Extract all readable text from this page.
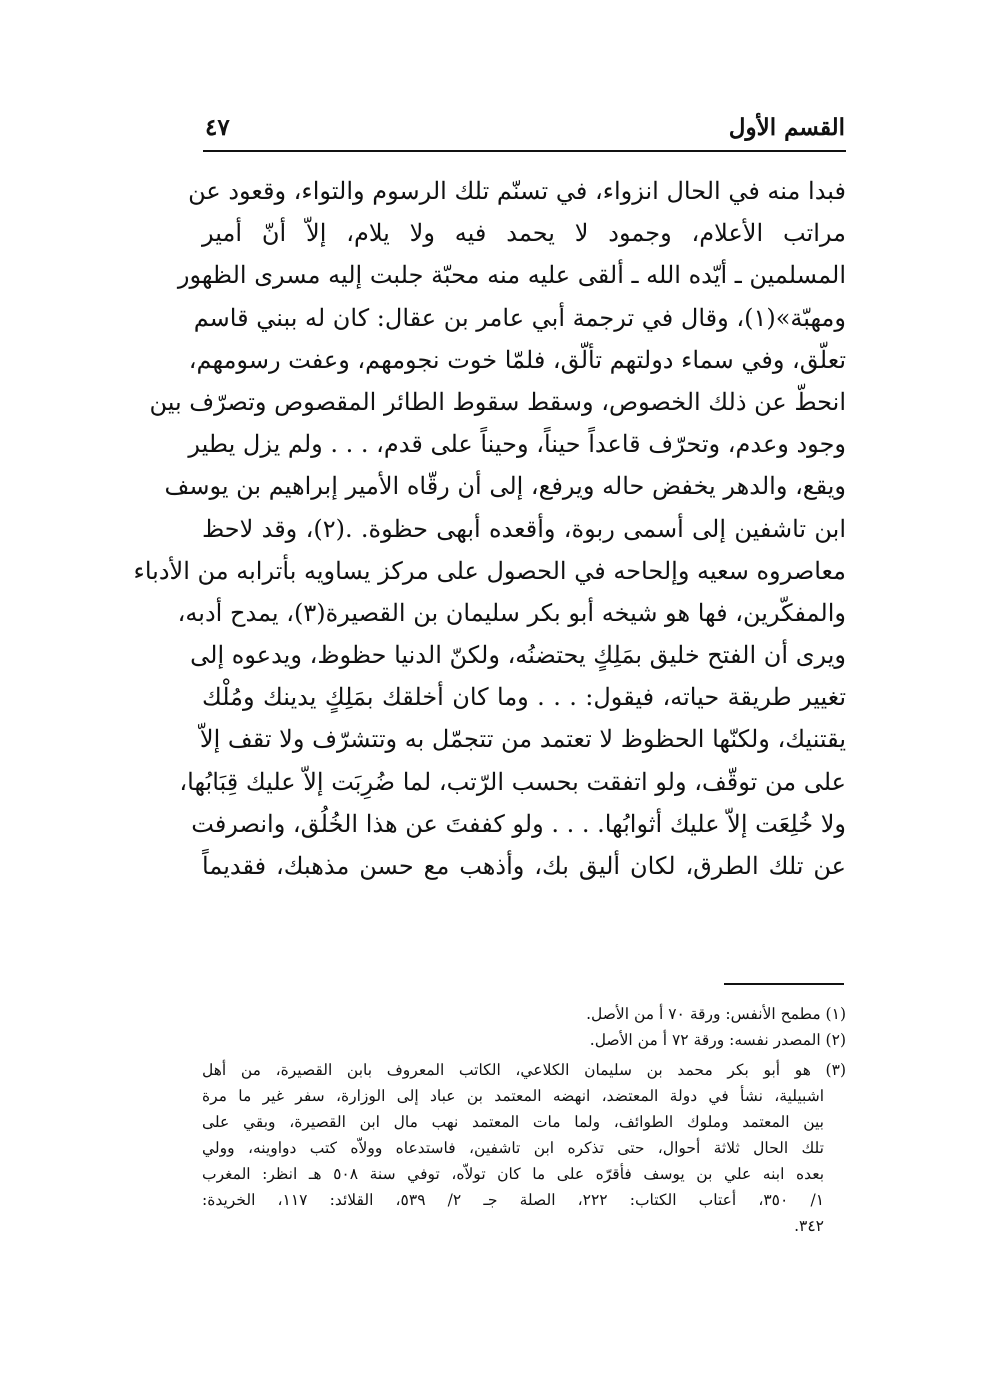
القسم الأول
٤٧
فبدا منه في الحال انزواء، في تسنّم تلك الرسوم والتواء، وقعود عن
مراتب الأعلام، وجمود لا يحمد فيه ولا يلام، إلاّ أنّ أمير
المسلمين ـ أيّده الله ـ ألقى عليه منه محبّة جلبت إليه مسرى الظهور
ومهبّة»(١)، وقال في ترجمة أبي عامر بن عقال: كان له ببني قاسم
تعلّق، وفي سماء دولتهم تألّق، فلمّا خوت نجومهم، وعفت رسومهم،
انحطّ عن ذلك الخصوص، وسقط سقوط الطائر المقصوص وتصرّف بين
وجود وعدم، وتحرّف قاعداً حيناً، وحيناً على قدم، . . . ولم يزل يطير
ويقع، والدهر يخفض حاله ويرفع، إلى أن رقّاه الأمير إبراهيم بن يوسف
ابن تاشفين إلى أسمى ربوة، وأقعده أبهى حظوة. .(٢)، وقد لاحظ
معاصروه سعيه وإلحاحه في الحصول على مركز يساويه بأترابه من الأدباء
والمفكّرين، فها هو شيخه أبو بكر سليمان بن القصيرة(٣)، يمدح أدبه،
ويرى أن الفتح خليق بمَلِكٍ يحتضنُه، ولكنّ الدنيا حظوظ، ويدعوه إلى
تغيير طريقة حياته، فيقول: . . . وما كان أخلقك بمَلِكٍ يدينك ومُلْك
يقتنيك، ولكنّها الحظوظ لا تعتمد من تتجمّل به وتتشرّف ولا تقف إلاّ
على من توقّف، ولو اتفقت بحسب الرّتب، لما ضُرِبَت إلاّ عليك قِبَابُها،
ولا خُلِعَت إلاّ عليك أثوابُها. . . . ولو كففتَ عن هذا الخُلُق، وانصرفت
عن تلك الطرق، لكان أليق بك، وأذهب مع حسن مذهبك، فقديماً
(١) مطمح الأنفس: ورقة ٧٠ أ من الأصل.
(٢) المصدر نفسه: ورقة ٧٢ أ من الأصل.
(٣) هو أبو بكر محمد بن سليمان الكلاعي، الكاتب المعروف بابن القصيرة، من أهل
اشبيلية، نشأ في دولة المعتضد، انهضه المعتمد بن عباد إلى الوزارة، سفر غير ما مرة
بين المعتمد وملوك الطوائف، ولما مات المعتمد نهب مال ابن القصيرة، وبقي على
تلك الحال ثلاثة أحوال، حتى تذكره ابن تاشفين، فاستدعاه وولاّه كتب دواوينه، وولي
بعده ابنه علي بن يوسف فأقرّه على ما كان تولاّه، توفي سنة ٥٠٨ هـ انظر: المغرب
١/ ٣٥٠، أعتاب الكتاب: ٢٢٢، الصلة جـ ٢/ ٥٣٩، القلائد: ١١٧، الخريدة:
٣٤٢.
